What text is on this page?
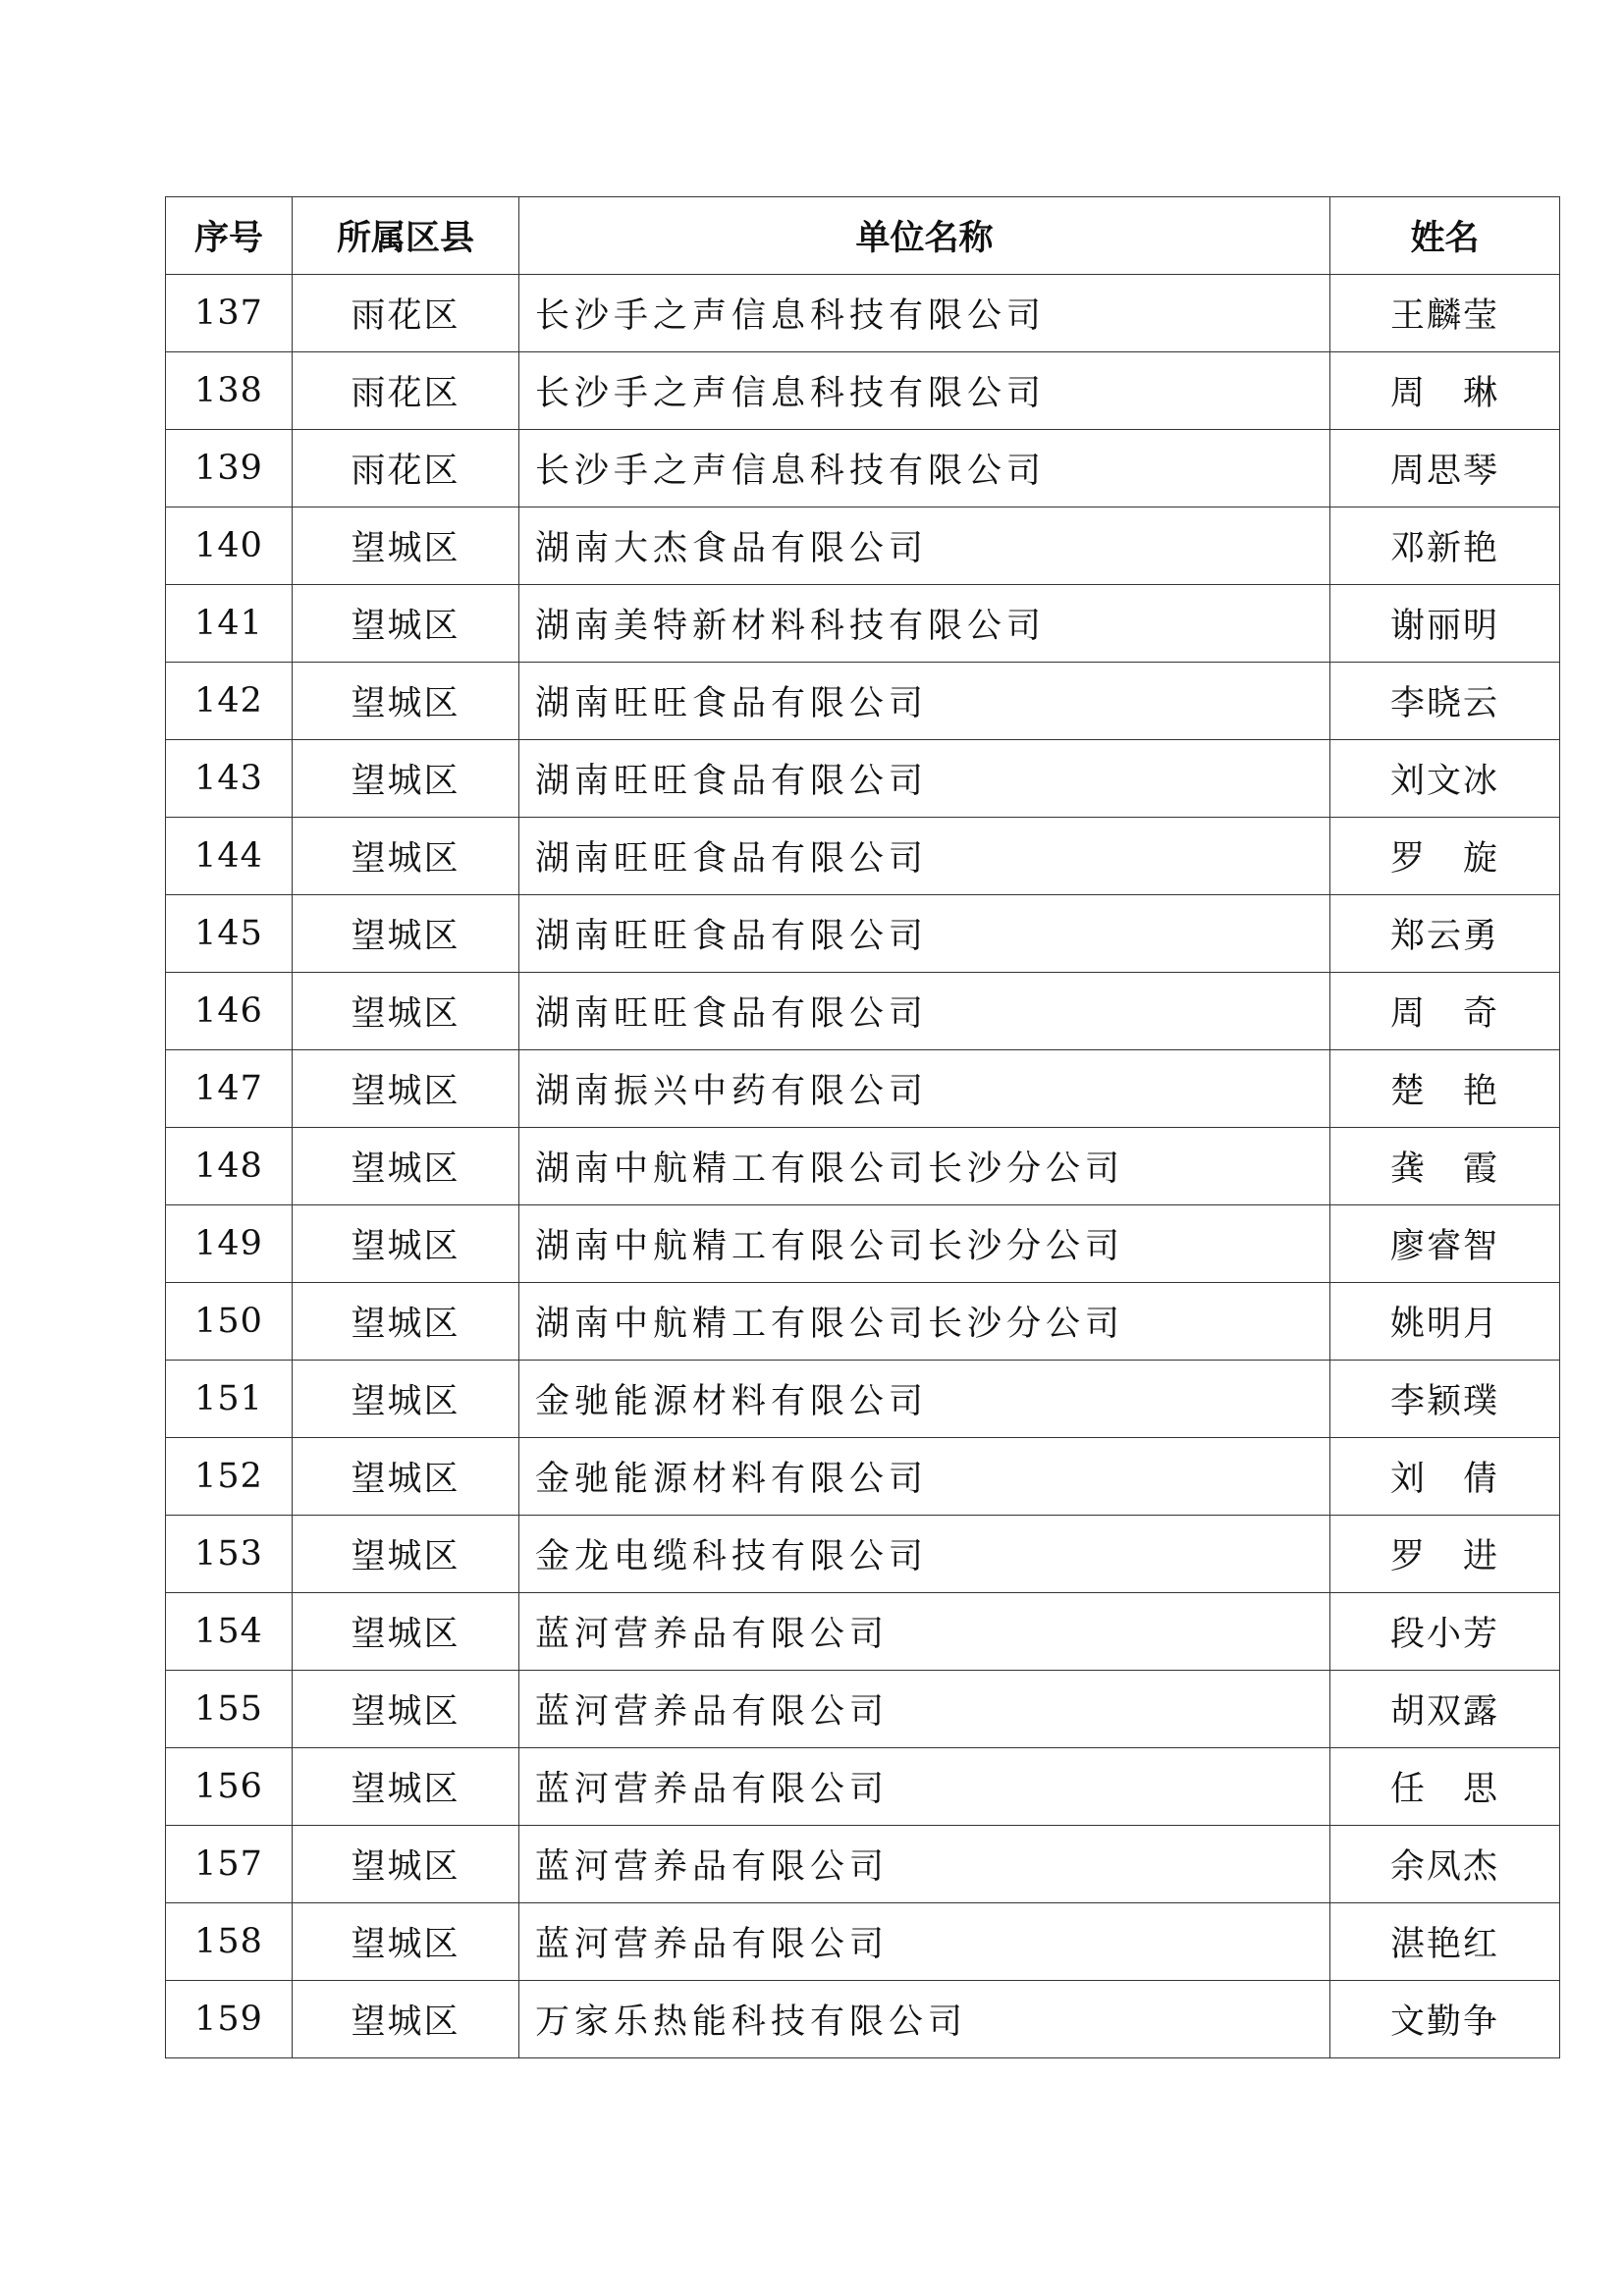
序号	所属区县	单位名称	姓名
137	雨花区	长沙手之声信息科技有限公司	王麟莹
138	雨花区	长沙手之声信息科技有限公司	周　琳
139	雨花区	长沙手之声信息科技有限公司	周思琴
140	望城区	湖南大杰食品有限公司	邓新艳
141	望城区	湖南美特新材料科技有限公司	谢丽明
142	望城区	湖南旺旺食品有限公司	李晓云
143	望城区	湖南旺旺食品有限公司	刘文冰
144	望城区	湖南旺旺食品有限公司	罗　旋
145	望城区	湖南旺旺食品有限公司	郑云勇
146	望城区	湖南旺旺食品有限公司	周　奇
147	望城区	湖南振兴中药有限公司	楚　艳
148	望城区	湖南中航精工有限公司长沙分公司	龚　霞
149	望城区	湖南中航精工有限公司长沙分公司	廖睿智
150	望城区	湖南中航精工有限公司长沙分公司	姚明月
151	望城区	金驰能源材料有限公司	李颖璞
152	望城区	金驰能源材料有限公司	刘　倩
153	望城区	金龙电缆科技有限公司	罗　进
154	望城区	蓝河营养品有限公司	段小芳
155	望城区	蓝河营养品有限公司	胡双露
156	望城区	蓝河营养品有限公司	任　思
157	望城区	蓝河营养品有限公司	余凤杰
158	望城区	蓝河营养品有限公司	湛艳红
159	望城区	万家乐热能科技有限公司	文勤争
